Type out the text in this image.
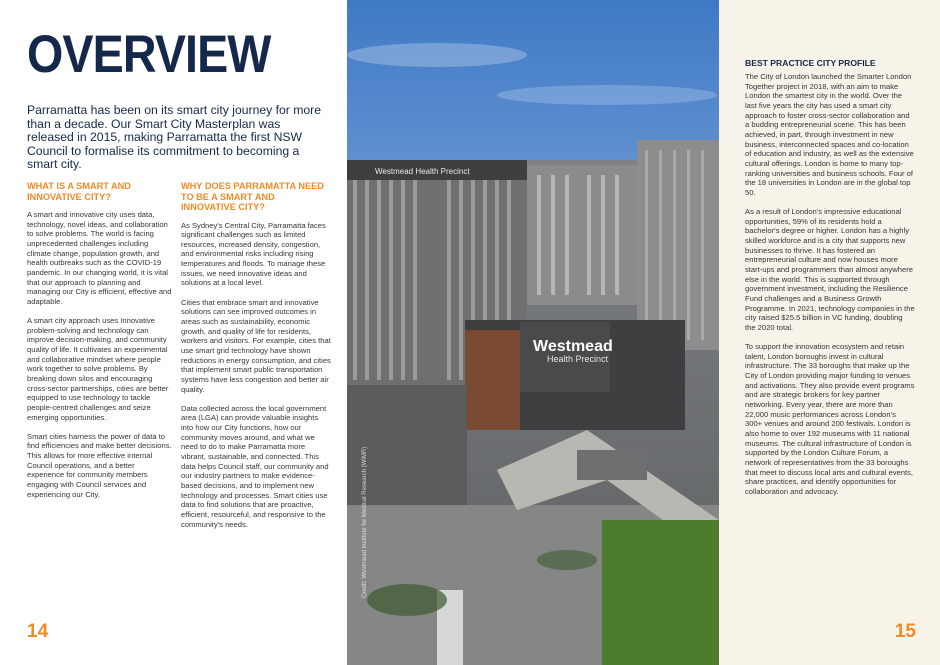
OVERVIEW

Parramatta has been on its smart city journey for more than a decade. Our Smart City Masterplan was released in 2015, making Parramatta the first NSW Council to formalise its commitment to becoming a smart city.

WHAT IS A SMART AND INNOVATIVE CITY?

A smart and innovative city uses data, technology, novel ideas, and collaboration to solve problems. The world is facing unprecedented challenges including climate change, population growth, and health outbreaks such as the COVID-19 pandemic. In our changing world, it is vital that our approach to planning and managing our City is efficient, effective and adaptable.

A smart city approach uses Innovative problem-solving and technology can improve decision-making, and community quality of life. It cultivates an experimental and collaborative mindset where people work together to solve problems. By breaking down silos and encouraging cross-sector partnerships, cities are better equipped to use technology to tackle people-centred challenges and seize emerging opportunities.

Smart cities harness the power of data to find efficiencies and make better decisions. This allows for more effective internal Council operations, and a better experience for community members engaging with Council services and experiencing our City.

WHY DOES PARRAMATTA NEED TO BE A SMART AND INNOVATIVE CITY?

As Sydney's Central City, Parramatta faces significant challenges such as limited resources, increased density, congestion, and environmental risks including rising temperatures and floods. To manage these issues, we need innovative ideas and solutions at a local level.

Cities that embrace smart and innovative solutions can see improved outcomes in areas such as sustainability, economic growth, and quality of life for residents, workers and visitors. For example, cities that use smart grid technology have shown reductions in energy consumption, and cities that implement smart public transportation systems have less congestion and better air quality.

Data collected across the local government area (LGA) can provide valuable insights into how our City functions, how our community moves around, and what we need to do to make Parramatta more vibrant, sustainable, and connected. This data helps Council staff, our community and our industry partners to make evidence-based decisions, and to implement new technology and processes. Smart cities use data to find solutions that are proactive, efficient, resourceful, and responsive to the community's needs.

14
Westmead
Health Precinct
Westmead Health Precinct
Credit: Westmead Institute for Medical Research (WIMR)
15
BEST PRACTICE CITY PROFILE

The City of London launched the Smarter London Together project in 2018, with an aim to make London the smartest city in the world. Over the last five years the city has used a smart city approach to foster cross-sector collaboration and a budding entrepreneurial scene. This has been achieved, in part, through investment in new business, interconnected spaces and co-location of education and industry, as well as the extensive cultural offerings. London is home to many top-ranking universities and business schools. Four of the 18 universities in London are in the global top 50.

As a result of London's impressive educational opportunities, 59% of its residents hold a bachelor's degree or higher. London has a highly skilled workforce and is a city that supports new businesses to thrive. It has fostered an entrepreneurial culture and now houses more start-ups and programmers than almost anywhere else in the world. This is supported through government investment, including the Resilience Fund challenges and a Business Growth Programme. In 2021, technology companies in the city raised $25.5 billion in VC funding, doubling the 2020 total.

To support the innovation ecosystem and retain talent, London boroughs invest in cultural infrastructure. The 33 boroughs that make up the City of London providing major funding to venues and activations. They also provide event programs and are strategic brokers for key partner networking. Every year, there are more than 22,000 music performances across London's 300+ venues and around 200 festivals. London is also home to over 192 museums with 11 national museums. The cultural infrastructure of London is supported by the London Culture Forum, a network of representatives from the 33 boroughs that meet to discuss local arts and cultural events, share practices, and identify opportunities for collaboration and advocacy.
